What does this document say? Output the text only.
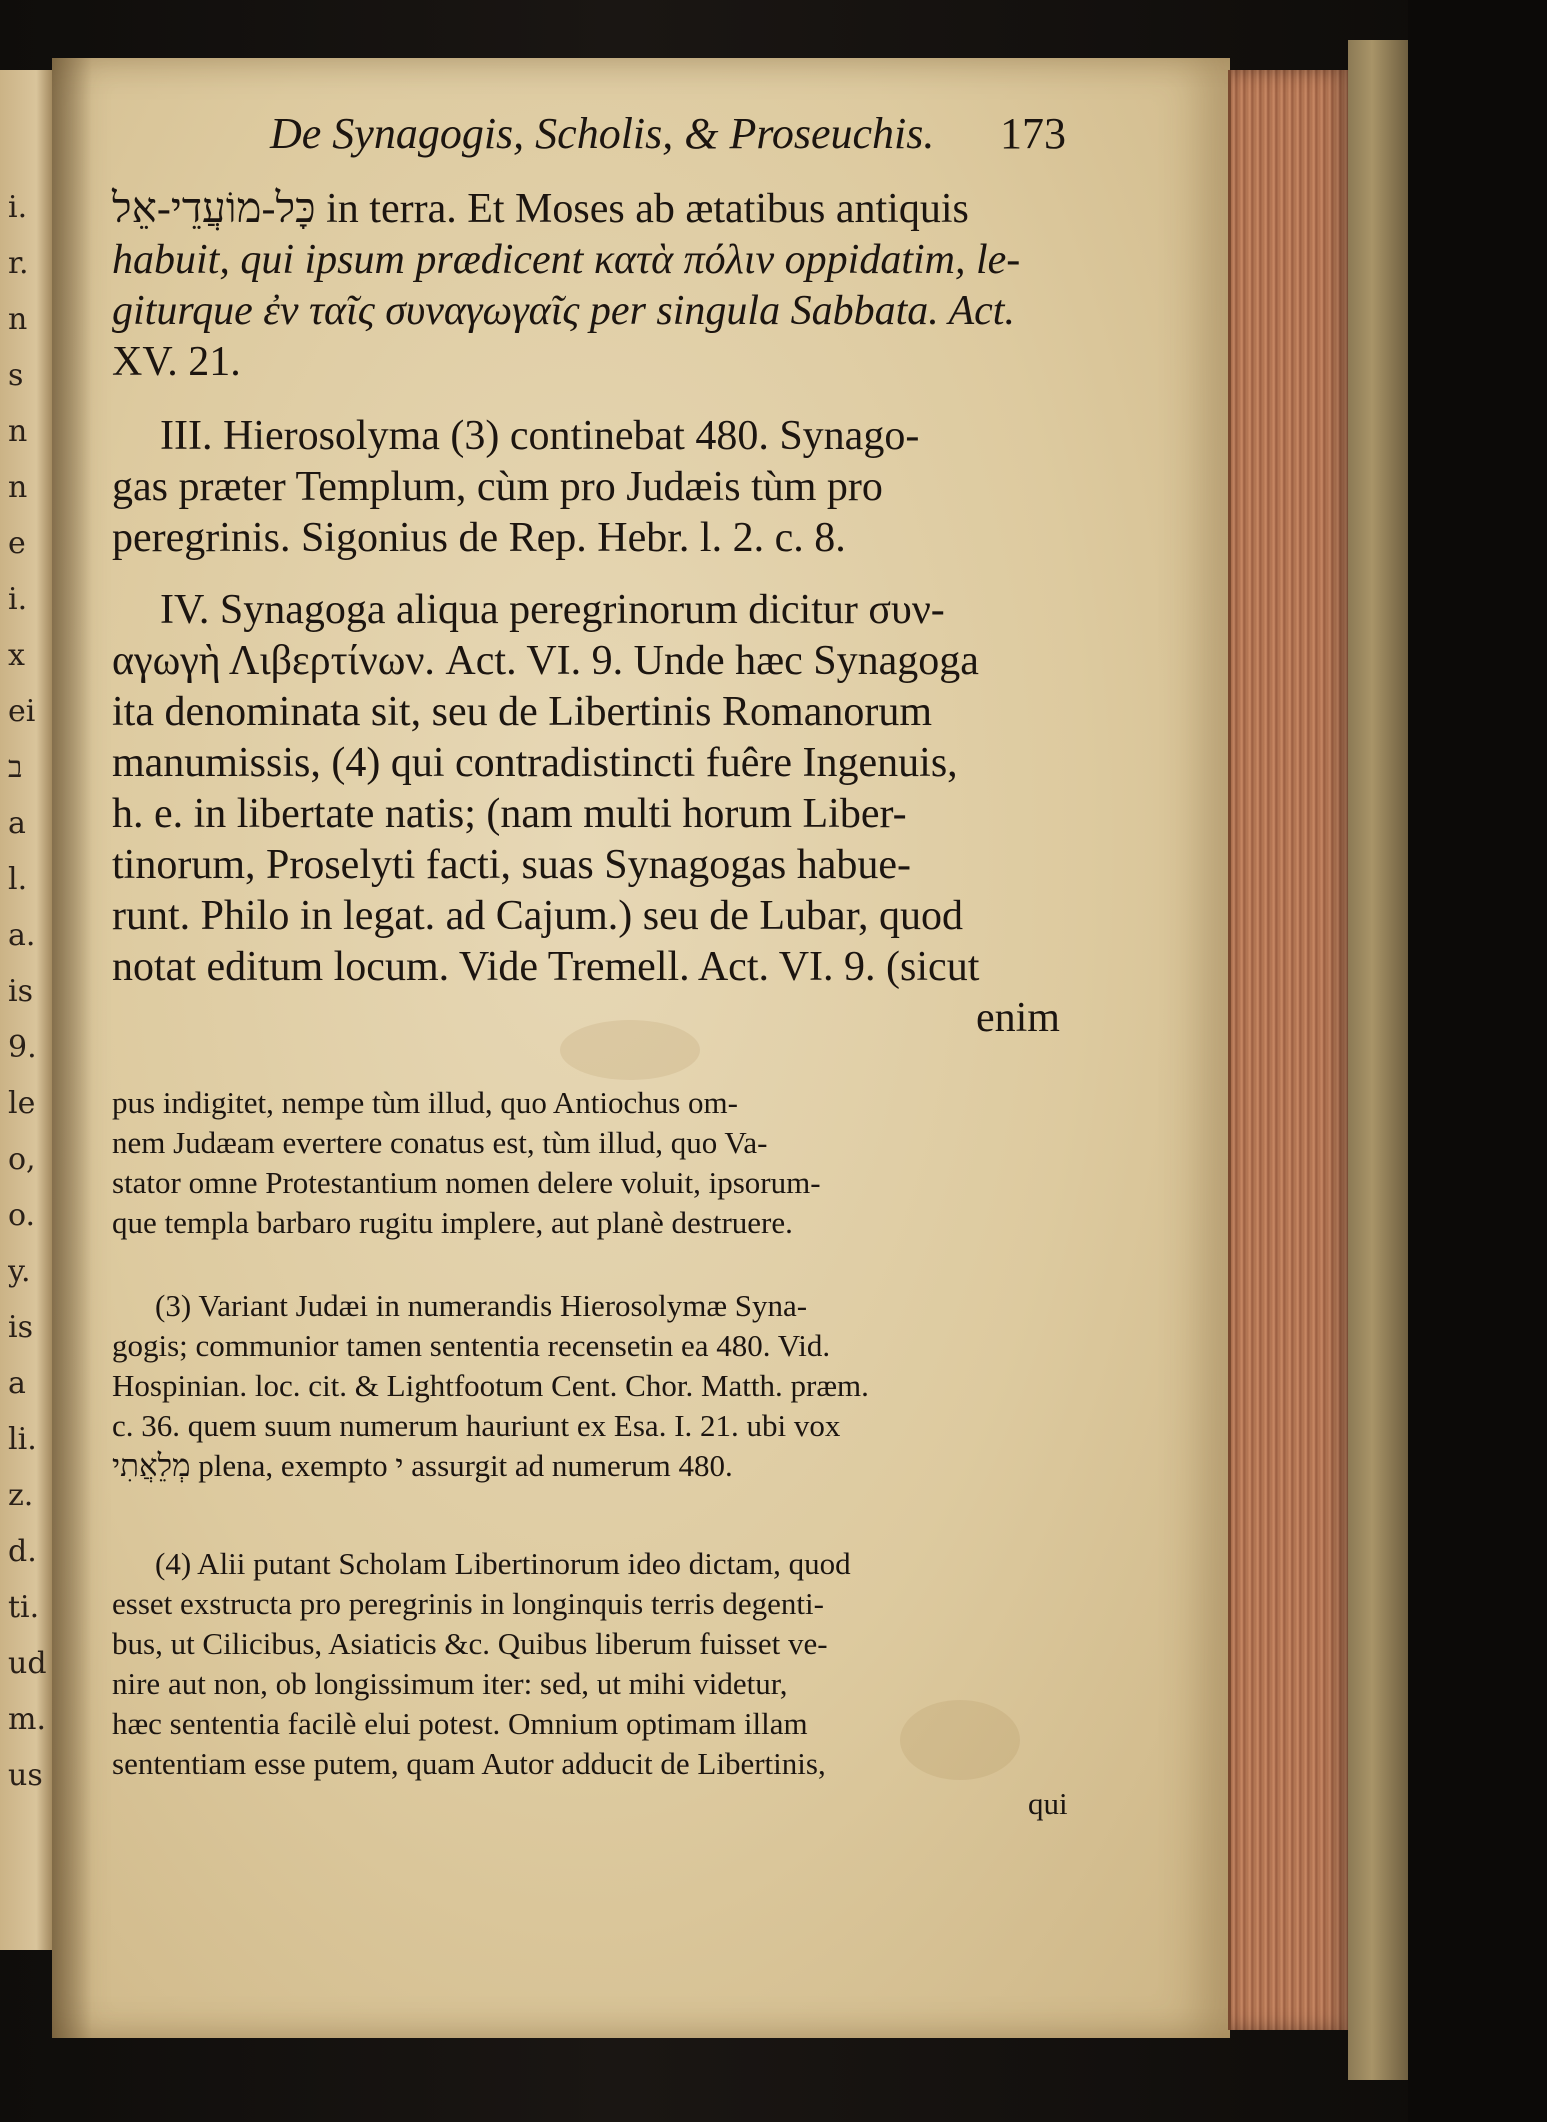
i.
r.
n
s
n
n
e
i.
x
ei
ב
a
l.
a.
is
9.
le
o,
o.
y.
is
a
li.
z.
d.
ti.
ud
m.
us
De Synagogis, Scholis, & Proseuchis. 173
כָּל-מוֹעֲדֵי-אֵל in terra. Et Moses ab ætatibus antiquis
habuit, qui ipsum prædicent κατὰ πόλιν oppidatim, le-
giturque ἐν ταῖς συναγωγαῖς per singula Sabbata. Act.
XV. 21.
III. Hierosolyma (3) continebat 480. Synago-
gas præter Templum, cùm pro Judæis tùm pro
peregrinis. Sigonius de Rep. Hebr. l. 2. c. 8.
IV. Synagoga aliqua peregrinorum dicitur συν-
αγωγὴ Λιβερτίνων. Act. VI. 9. Unde hæc Synagoga
ita denominata sit, seu de Libertinis Romanorum
manumissis, (4) qui contradistincti fuêre Ingenuis,
h. e. in libertate natis; (nam multi horum Liber-
tinorum, Proselyti facti, suas Synagogas habue-
runt. Philo in legat. ad Cajum.) seu de Lubar, quod
notat editum locum. Vide Tremell. Act. VI. 9. (sicut
enim
pus indigitet, nempe tùm illud, quo Antiochus om-
nem Judæam evertere conatus est, tùm illud, quo Va-
stator omne Protestantium nomen delere voluit, ipsorum-
que templa barbaro rugitu implere, aut planè destruere.
(3) Variant Judæi in numerandis Hierosolymæ Syna-
gogis; communior tamen sententia recensetin ea 480. Vid.
Hospinian. loc. cit. & Lightfootum Cent. Chor. Matth. præm.
c. 36. quem suum numerum hauriunt ex Esa. I. 21. ubi vox
מְלֵאֲתִי plena, exempto י assurgit ad numerum 480.
(4) Alii putant Scholam Libertinorum ideo dictam, quod
esset exstructa pro peregrinis in longinquis terris degenti-
bus, ut Cilicibus, Asiaticis &c. Quibus liberum fuisset ve-
nire aut non, ob longissimum iter: sed, ut mihi videtur,
hæc sententia facilè elui potest. Omnium optimam illam
sententiam esse putem, quam Autor adducit de Libertinis,
qui
